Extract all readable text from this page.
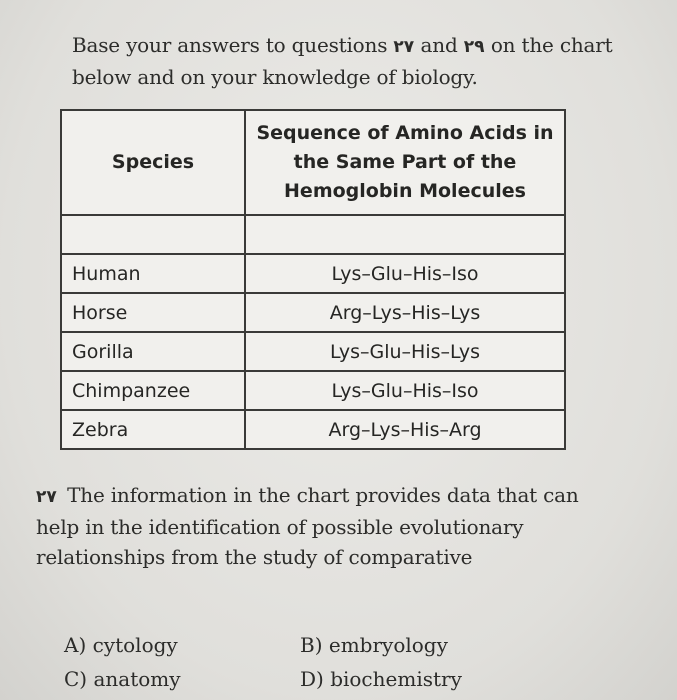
Base your answers to questions ۲۷ and ۲۹ on the chart below and on your knowledge of biology.
Species	Sequence of Amino Acids in the Same Part of the Hemoglobin Molecules

Human	Lys–Glu–His–Iso
Horse	Arg–Lys–His–Lys
Gorilla	Lys–Glu–His–Lys
Chimpanzee	Lys–Glu–His–Iso
Zebra	Arg–Lys–His–Arg
۲۷ The information in the chart provides data that can help in the identification of possible evolutionary relationships from the study of comparative
A) cytology	B) embryology
C) anatomy	D) biochemistry
